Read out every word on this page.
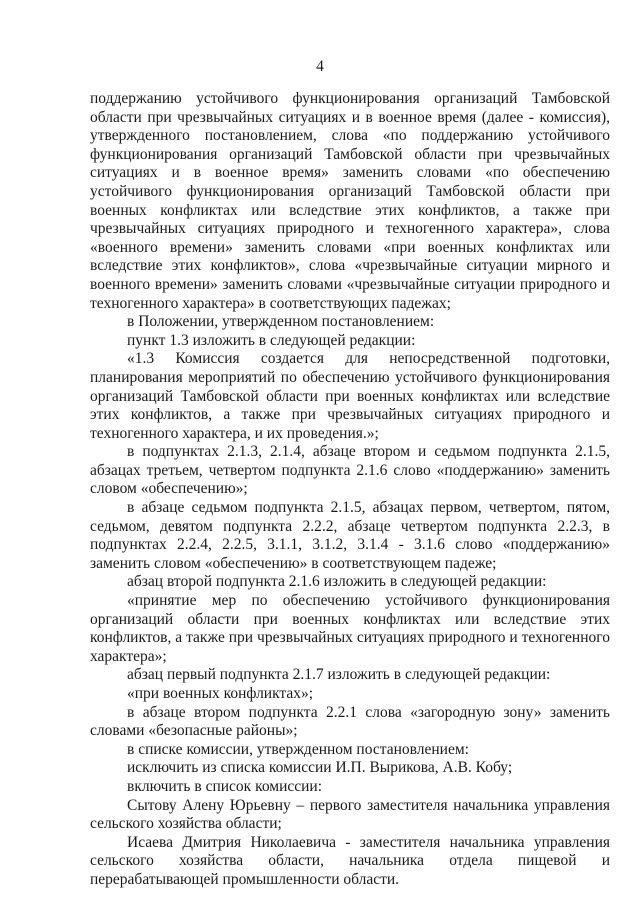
4

поддержанию устойчивого функционирования организаций Тамбовской области при чрезвычайных ситуациях и в военное время (далее - комиссия), утвержденного постановлением, слова «по поддержанию устойчивого функционирования организаций Тамбовской области при чрезвычайных ситуациях и в военное время» заменить словами «по обеспечению устойчивого функционирования организаций Тамбовской области при военных конфликтах или вследствие этих конфликтов, а также при чрезвычайных ситуациях природного и техногенного характера», слова «военного времени» заменить словами «при военных конфликтах или вследствие этих конфликтов», слова «чрезвычайные ситуации мирного и военного времени» заменить словами «чрезвычайные ситуации природного и техногенного характера» в соответствующих падежах;

в Положении, утвержденном постановлением:

пункт 1.3 изложить в следующей редакции:

«1.3 Комиссия создается для непосредственной подготовки, планирования мероприятий по обеспечению устойчивого функционирования организаций Тамбовской области при военных конфликтах или вследствие этих конфликтов, а также при чрезвычайных ситуациях природного и техногенного характера, и их проведения.»;

в подпунктах 2.1.3, 2.1.4, абзаце втором и седьмом подпункта 2.1.5, абзацах третьем, четвертом подпункта 2.1.6 слово «поддержанию» заменить словом «обеспечению»;

в абзаце седьмом подпункта 2.1.5, абзацах первом, четвертом, пятом, седьмом, девятом подпункта 2.2.2, абзаце четвертом подпункта 2.2.3, в подпунктах 2.2.4, 2.2.5, 3.1.1, 3.1.2, 3.1.4 - 3.1.6 слово «поддержанию» заменить словом «обеспечению» в соответствующем падеже;

абзац второй подпункта 2.1.6 изложить в следующей редакции:

«принятие мер по обеспечению устойчивого функционирования организаций области при военных конфликтах или вследствие этих конфликтов, а также при чрезвычайных ситуациях природного и техногенного характера»;

абзац первый подпункта 2.1.7 изложить в следующей редакции:

«при военных конфликтах»;

в абзаце втором подпункта 2.2.1 слова «загородную зону» заменить словами «безопасные районы»;

в списке комиссии, утвержденном постановлением:

исключить из списка комиссии И.П. Вырикова, А.В. Кобу;

включить в список комиссии:

Сытову Алену Юрьевну – первого заместителя начальника управления сельского хозяйства области;

Исаева Дмитрия Николаевича - заместителя начальника управления сельского хозяйства области, начальника отдела пищевой и перерабатывающей промышленности области.
